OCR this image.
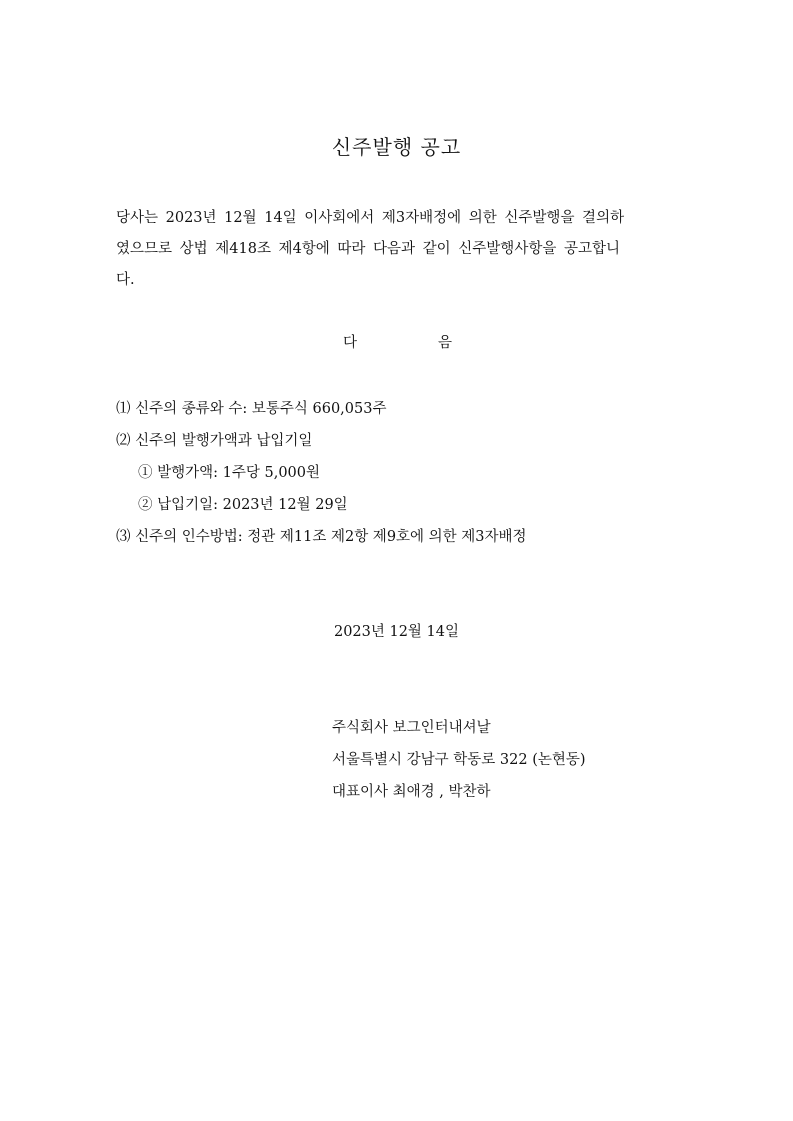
신주발행 공고
당사는 2023년 12월 14일 이사회에서 제3자배정에 의한 신주발행을 결의하
였으므로 상법 제418조 제4항에 따라 다음과 같이 신주발행사항을 공고합니
다.
다	음
⑴ 신주의 종류와 수: 보통주식 660,053주
⑵ 신주의 발행가액과 납입기일
① 발행가액: 1주당 5,000원
② 납입기일: 2023년 12월 29일
⑶ 신주의 인수방법: 정관 제11조 제2항 제9호에 의한 제3자배정
2023년 12월 14일
주식회사 보그인터내셔날
서울특별시 강남구 학동로 322 (논현동)
대표이사 최애경 , 박찬하
